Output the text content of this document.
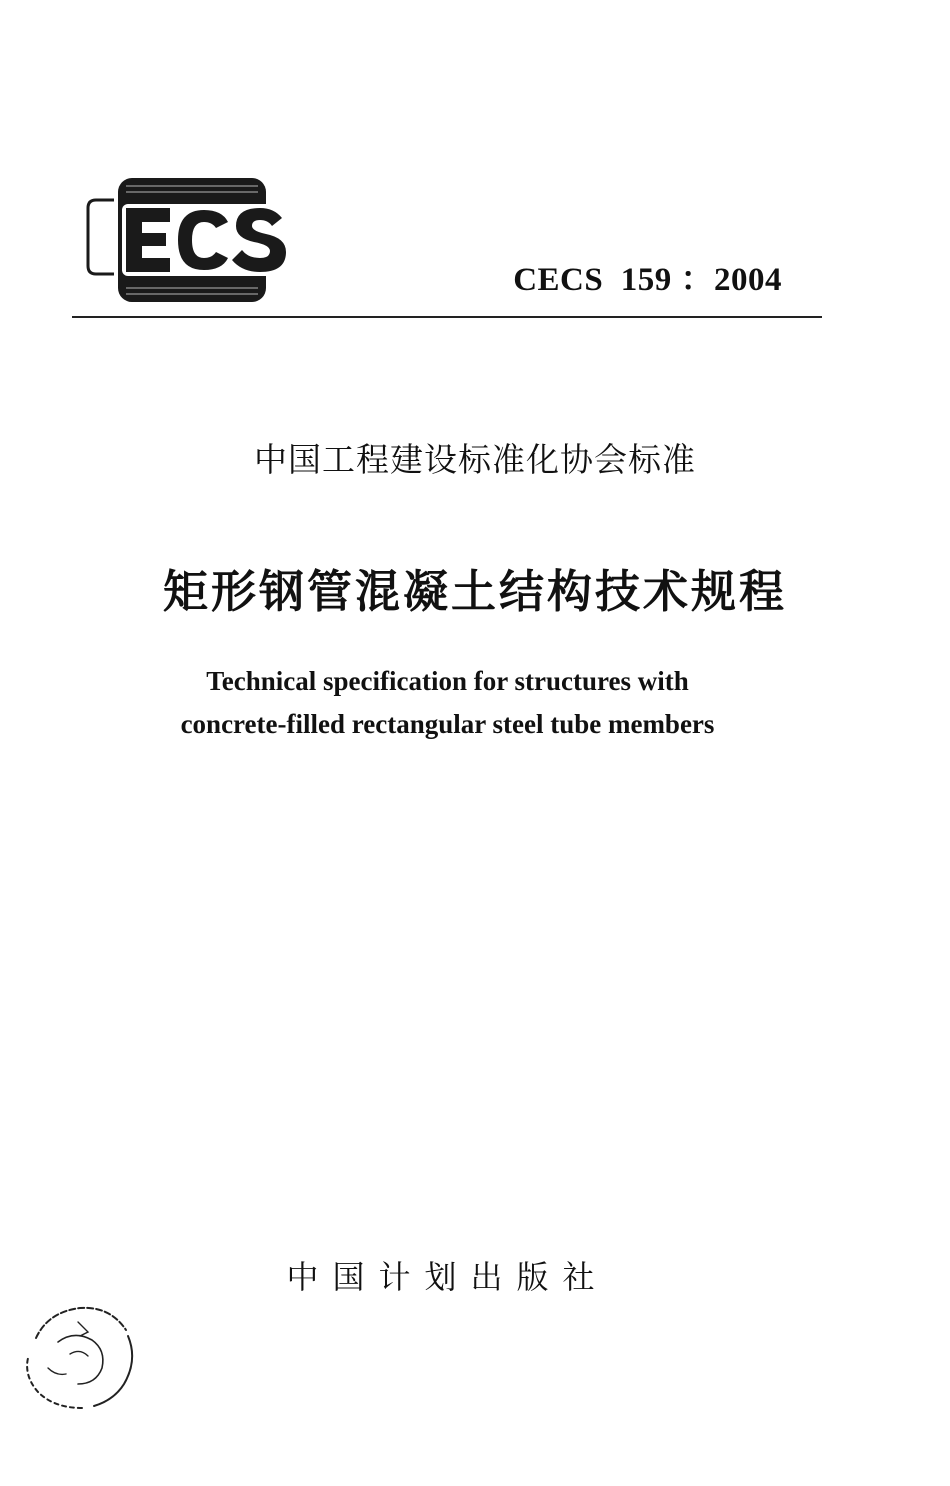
CECS  159 ：2004
中国工程建设标准化协会标准
矩形钢管混凝土结构技术规程
Technical specification for structures with
concrete-filled rectangular steel tube members
中国计划出版社
